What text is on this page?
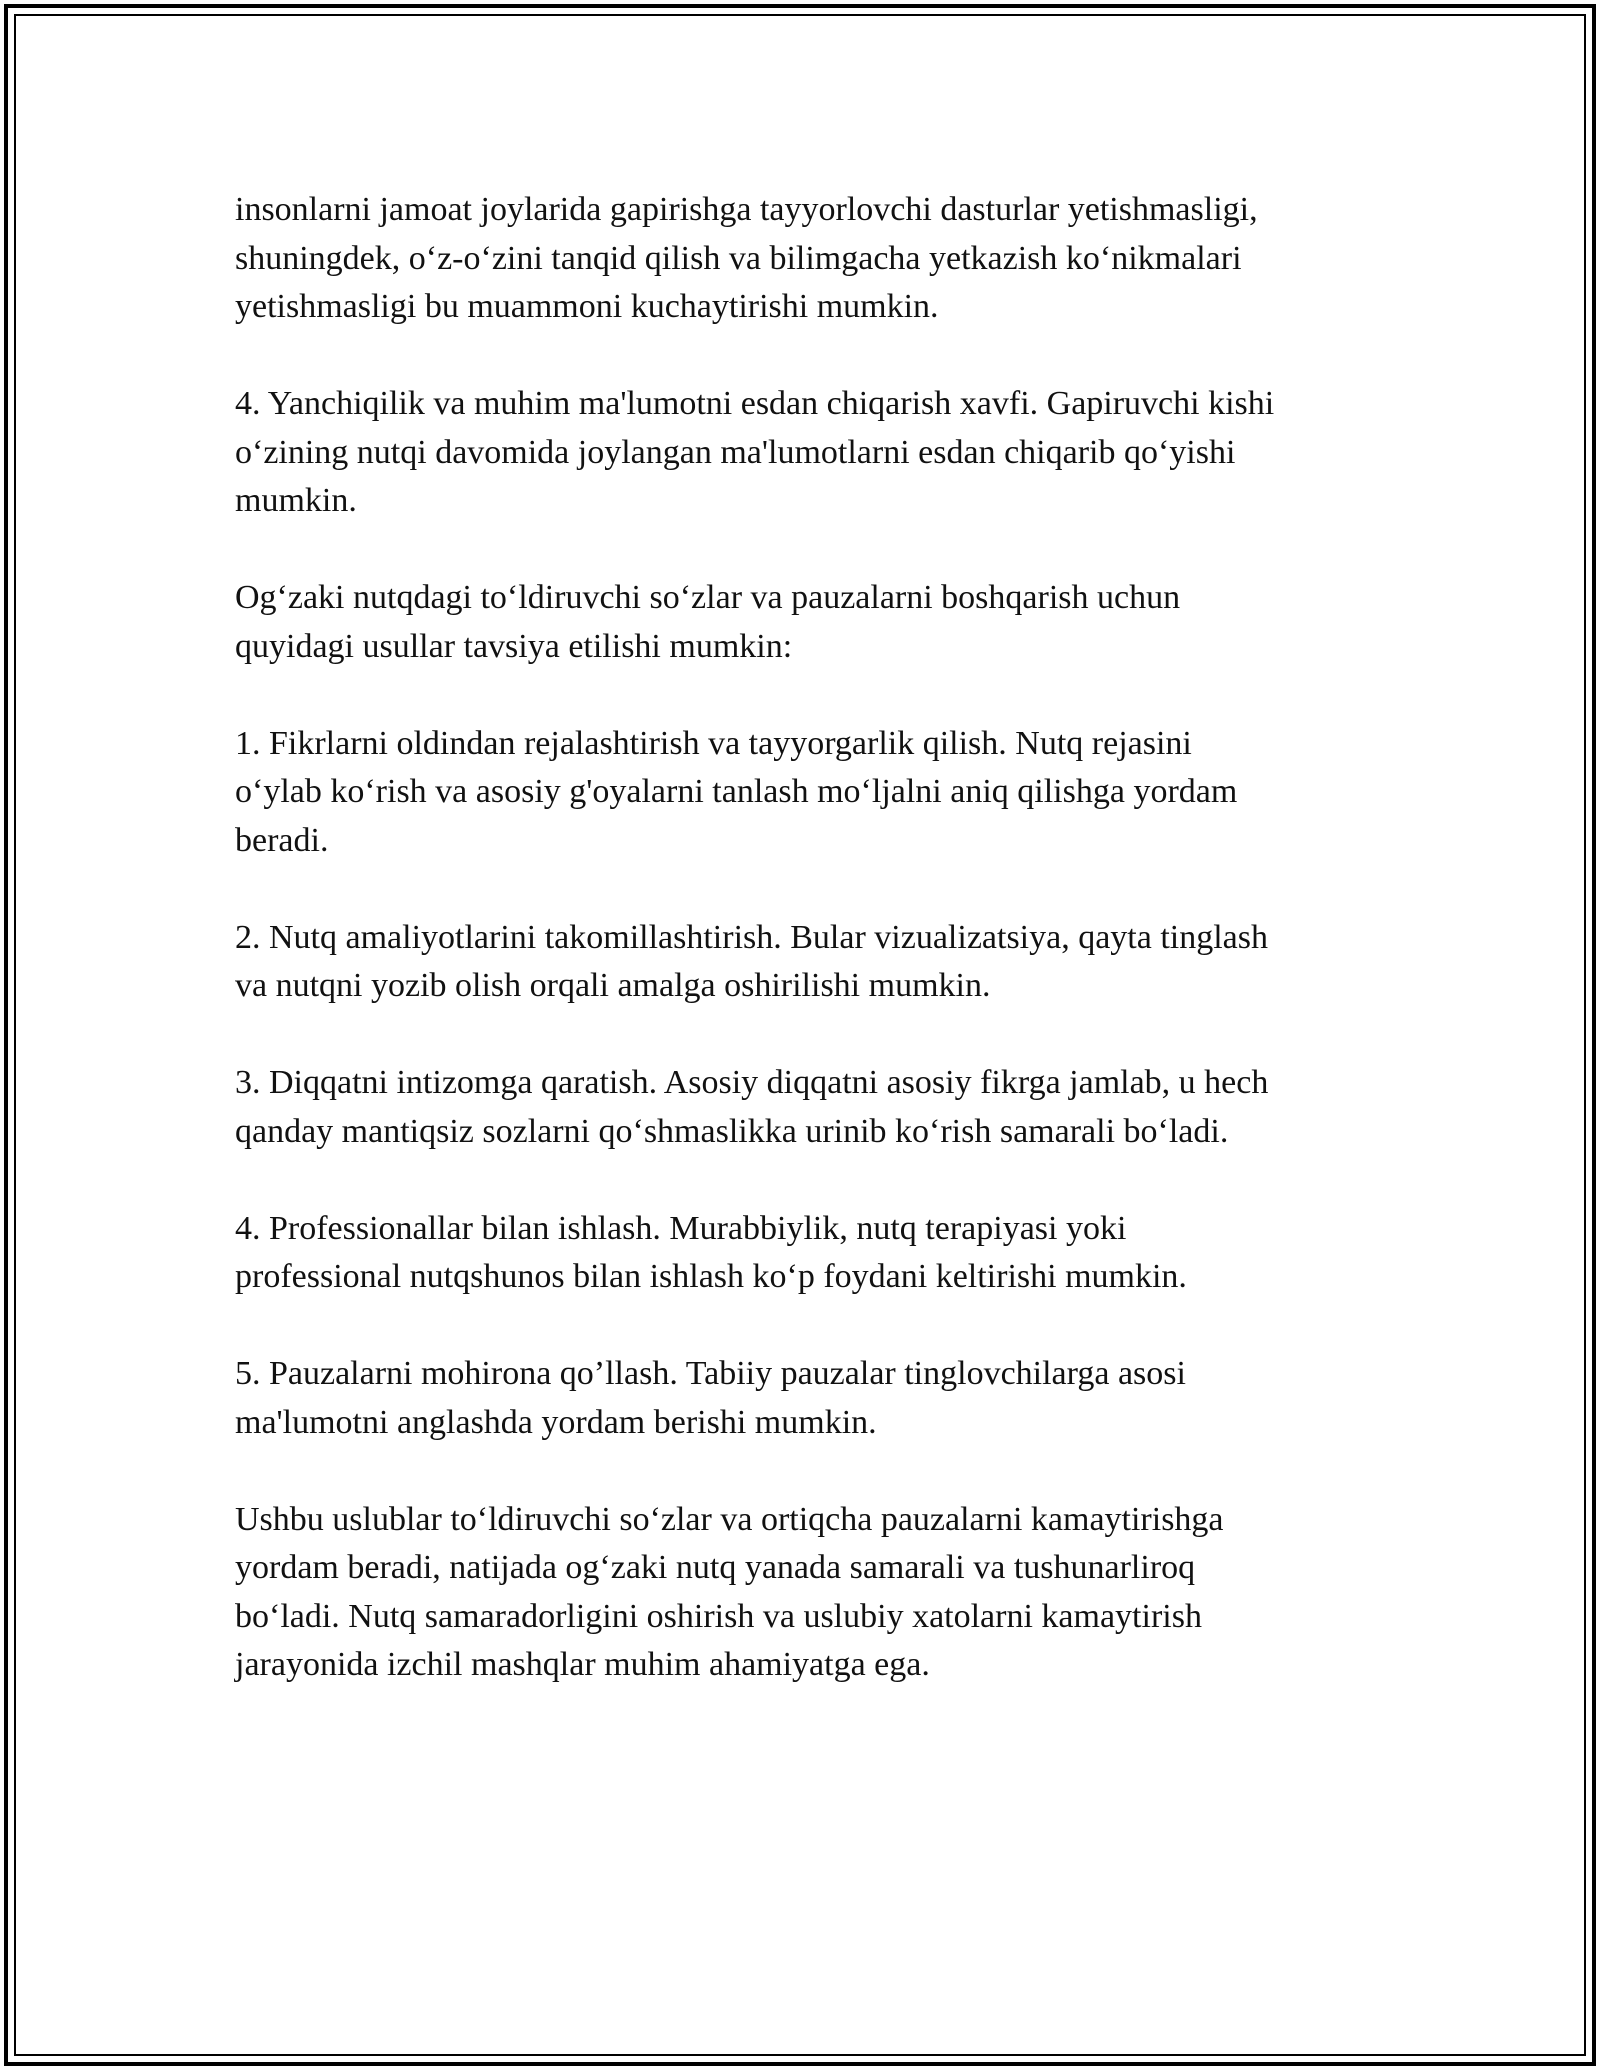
insonlarni jamoat joylarida gapirishga tayyorlovchi dasturlar yetishmasligi,
shuningdek, o‘z-o‘zini tanqid qilish va bilimgacha yetkazish ko‘nikmalari
yetishmasligi bu muammoni kuchaytirishi mumkin.

4. Yanchiqilik va muhim ma'lumotni esdan chiqarish xavfi. Gapiruvchi kishi
o‘zining nutqi davomida joylangan ma'lumotlarni esdan chiqarib qo‘yishi
mumkin.

Og‘zaki nutqdagi to‘ldiruvchi so‘zlar va pauzalarni boshqarish uchun
quyidagi usullar tavsiya etilishi mumkin:

1. Fikrlarni oldindan rejalashtirish va tayyorgarlik qilish. Nutq rejasini
o‘ylab ko‘rish va asosiy g'oyalarni tanlash mo‘ljalni aniq qilishga yordam
beradi.

2. Nutq amaliyotlarini takomillashtirish. Bular vizualizatsiya, qayta tinglash
va nutqni yozib olish orqali amalga oshirilishi mumkin.

3. Diqqatni intizomga qaratish. Asosiy diqqatni asosiy fikrga jamlab, u hech
qanday mantiqsiz sozlarni qo‘shmaslikka urinib ko‘rish samarali bo‘ladi.

4. Professionallar bilan ishlash. Murabbiylik, nutq terapiyasi yoki
professional nutqshunos bilan ishlash ko‘p foydani keltirishi mumkin.

5. Pauzalarni mohirona qo’llash. Tabiiy pauzalar tinglovchilarga asosi
ma'lumotni anglashda yordam berishi mumkin.

Ushbu uslublar to‘ldiruvchi so‘zlar va ortiqcha pauzalarni kamaytirishga
yordam beradi, natijada og‘zaki nutq yanada samarali va tushunarliroq
bo‘ladi. Nutq samaradorligini oshirish va uslubiy xatolarni kamaytirish
jarayonida izchil mashqlar muhim ahamiyatga ega.
